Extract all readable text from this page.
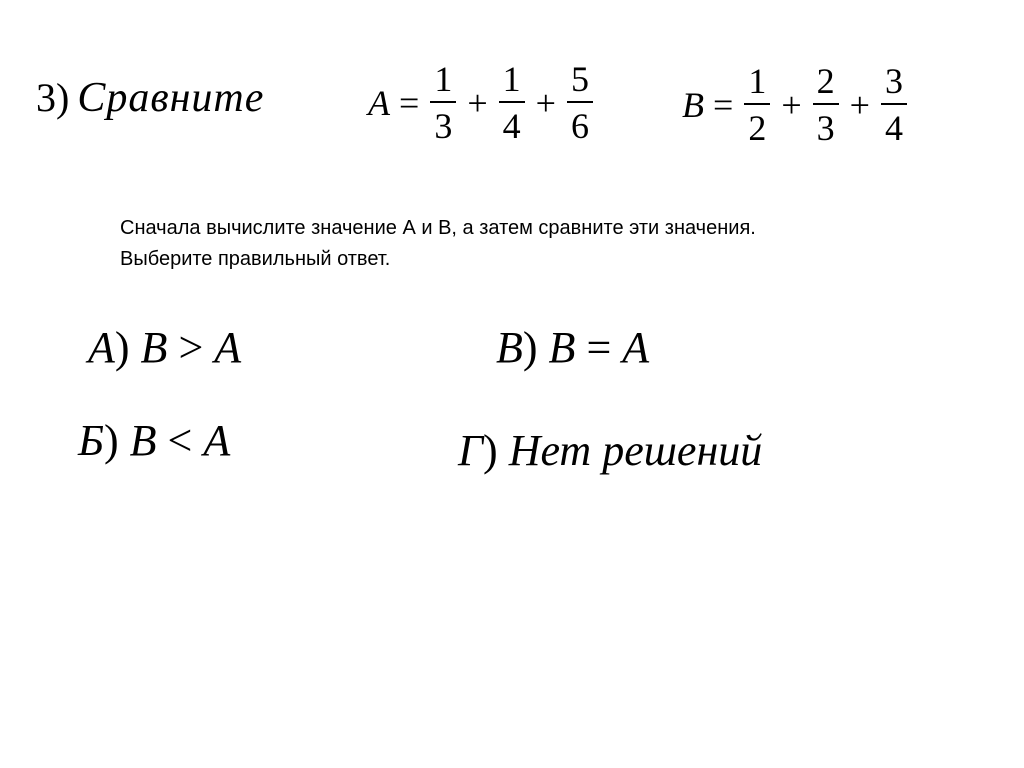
3) Сравните	$A = \frac{1}{3} + \frac{1}{4} + \frac{5}{6}$ $B = \frac{1}{2} + \frac{2}{3} + \frac{3}{4}$
Сначала вычислите значение А и В, а затем сравните эти значения. Выберите правильный ответ.
A) B > A	B) B = A
Б) B < A	Г) Нет решений
